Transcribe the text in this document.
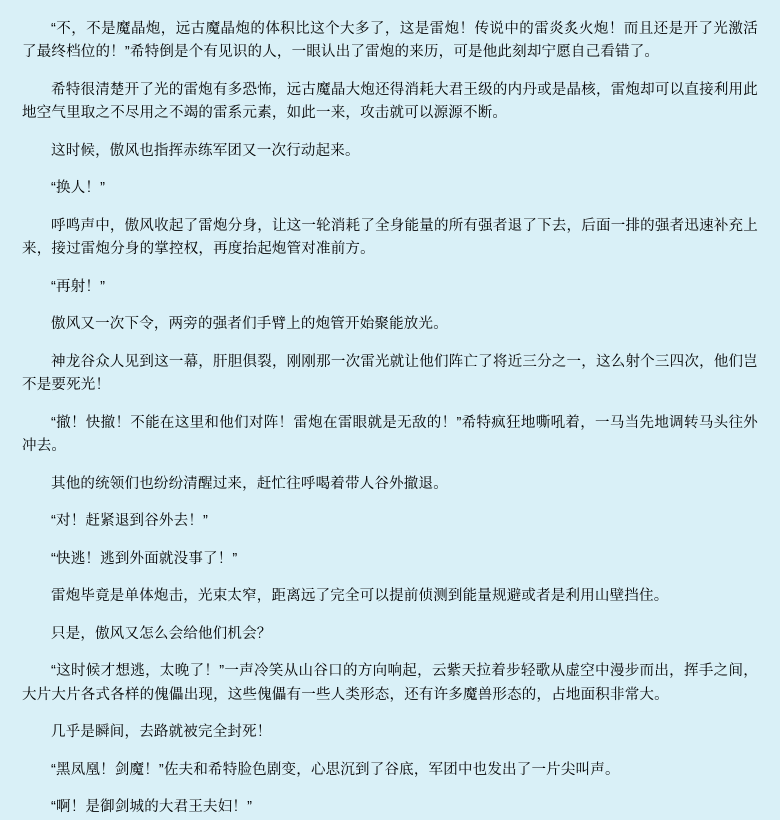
“不，不是魔晶炮，远古魔晶炮的体积比这个大多了，这是雷炮！传说中的雷炎炙火炮！而且还是开了光激活了最终档位的！”希特倒是个有见识的人，一眼认出了雷炮的来历，可是他此刻却宁愿自己看错了。

希特很清楚开了光的雷炮有多恐怖，远古魔晶大炮还得消耗大君王级的内丹或是晶核，雷炮却可以直接利用此地空气里取之不尽用之不竭的雷系元素，如此一来，攻击就可以源源不断。

这时候，傲风也指挥赤练军团又一次行动起来。

“换人！”

呼鸣声中，傲风收起了雷炮分身，让这一轮消耗了全身能量的所有强者退了下去，后面一排的强者迅速补充上来，接过雷炮分身的掌控权，再度抬起炮管对准前方。

“再射！”

傲风又一次下令，两旁的强者们手臂上的炮管开始聚能放光。

神龙谷众人见到这一幕，肝胆俱裂，刚刚那一次雷光就让他们阵亡了将近三分之一，这么射个三四次，他们岂不是要死光！

“撤！快撤！不能在这里和他们对阵！雷炮在雷眼就是无敌的！”希特疯狂地嘶吼着，一马当先地调转马头往外冲去。

其他的统领们也纷纷清醒过来，赶忙往呼喝着带人谷外撤退。

“对！赶紧退到谷外去！”

“快逃！逃到外面就没事了！”

雷炮毕竟是单体炮击，光束太窄，距离远了完全可以提前侦测到能量规避或者是利用山壁挡住。

只是，傲风又怎么会给他们机会？

“这时候才想逃，太晚了！”一声冷笑从山谷口的方向响起，云紫天拉着步轻歌从虚空中漫步而出，挥手之间，大片大片各式各样的傀儡出现，这些傀儡有一些人类形态，还有许多魔兽形态的，占地面积非常大。

几乎是瞬间，去路就被完全封死！

“黑凤凰！剑魔！”佐夫和希特脸色剧变，心思沉到了谷底，军团中也发出了一片尖叫声。

“啊！是御剑城的大君王夫妇！”
